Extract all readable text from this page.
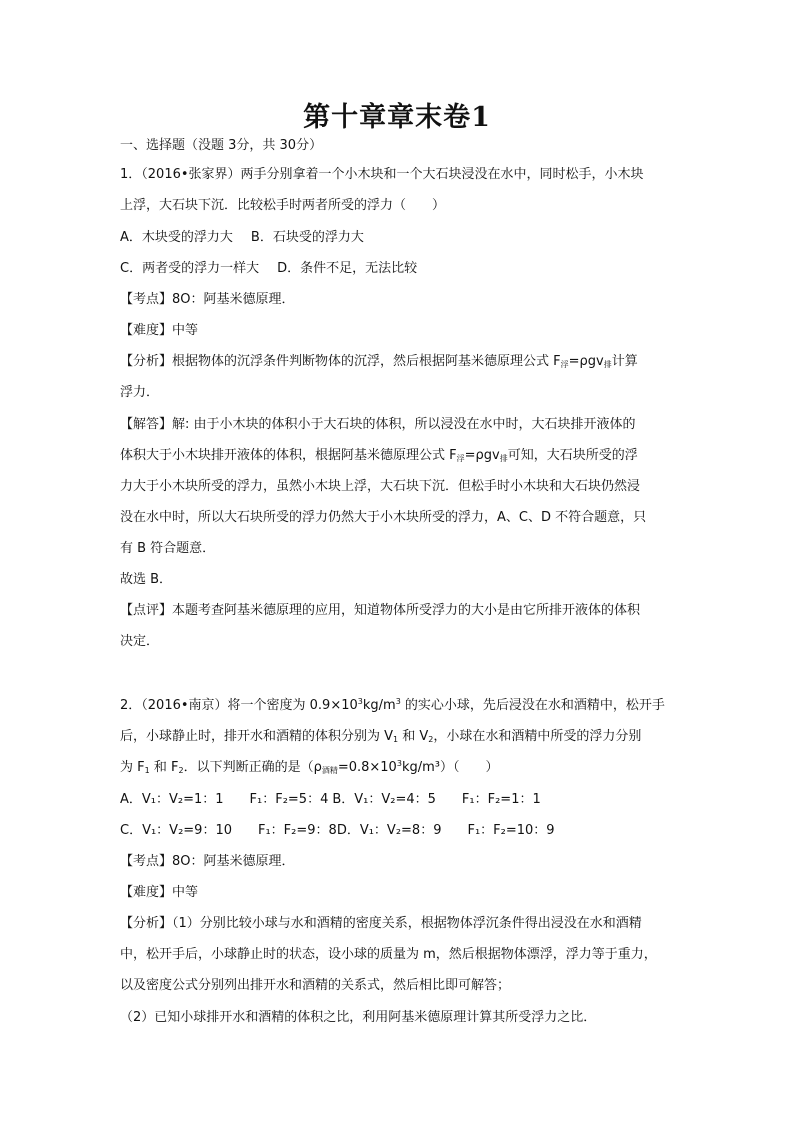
第十章章末卷1
一、选择题（没题 3分，共 30分）
1．（2016•张家界）两手分别拿着一个小木块和一个大石块浸没在水中，同时松手，小木块
上浮，大石块下沉．比较松手时两者所受的浮力（　　）
A．木块受的浮力大 B．石块受的浮力大
C．两者受的浮力一样大 D．条件不足，无法比较
【考点】8O：阿基米德原理．
【难度】中等
【分析】根据物体的沉浮条件判断物体的沉浮，然后根据阿基米德原理公式 $F_浮=\rho gv_排$计算
浮力．
【解答】解: 由于小木块的体积小于大石块的体积，所以浸没在水中时，大石块排开液体的
体积大于小木块排开液体的体积，根据阿基米德原理公式 $F_浮=\rho gv_排$可知，大石块所受的浮
力大于小木块所受的浮力，虽然小木块上浮，大石块下沉．但松手时小木块和大石块仍然浸
没在水中时，所以大石块所受的浮力仍然大于小木块所受的浮力，A、C、D 不符合题意，只
有 B 符合题意．
故选 B．
【点评】本题考查阿基米德原理的应用，知道物体所受浮力的大小是由它所排开液体的体积
决定．
2．（2016•南京）将一个密度为 $0.9\times 10^3kg/m^3$ 的实心小球，先后浸没在水和酒精中，松开手
后，小球静止时，排开水和酒精的体积分别为 $V_1$ 和 $V_2$，小球在水和酒精中所受的浮力分别
为 $F_1$ 和 $F_2$．以下判断正确的是$(\rho_{酒精}=0.8\times 10^3kg/m^3)$（　　）
A．V₁：V₂=1：1　　F₁：F₂=5：4 B．V₁：V₂=4：5　　F₁：F₂=1：1
C．V₁：V₂=9：10　　F₁：F₂=9：8D．V₁：V₂=8：9　　F₁：F₂=10：9
【考点】8O：阿基米德原理．
【难度】中等
【分析】（1）分别比较小球与水和酒精的密度关系，根据物体浮沉条件得出浸没在水和酒精
中，松开手后，小球静止时的状态，设小球的质量为 m，然后根据物体漂浮，浮力等于重力，
以及密度公式分别列出排开水和酒精的关系式，然后相比即可解答；
（2）已知小球排开水和酒精的体积之比，利用阿基米德原理计算其所受浮力之比．
